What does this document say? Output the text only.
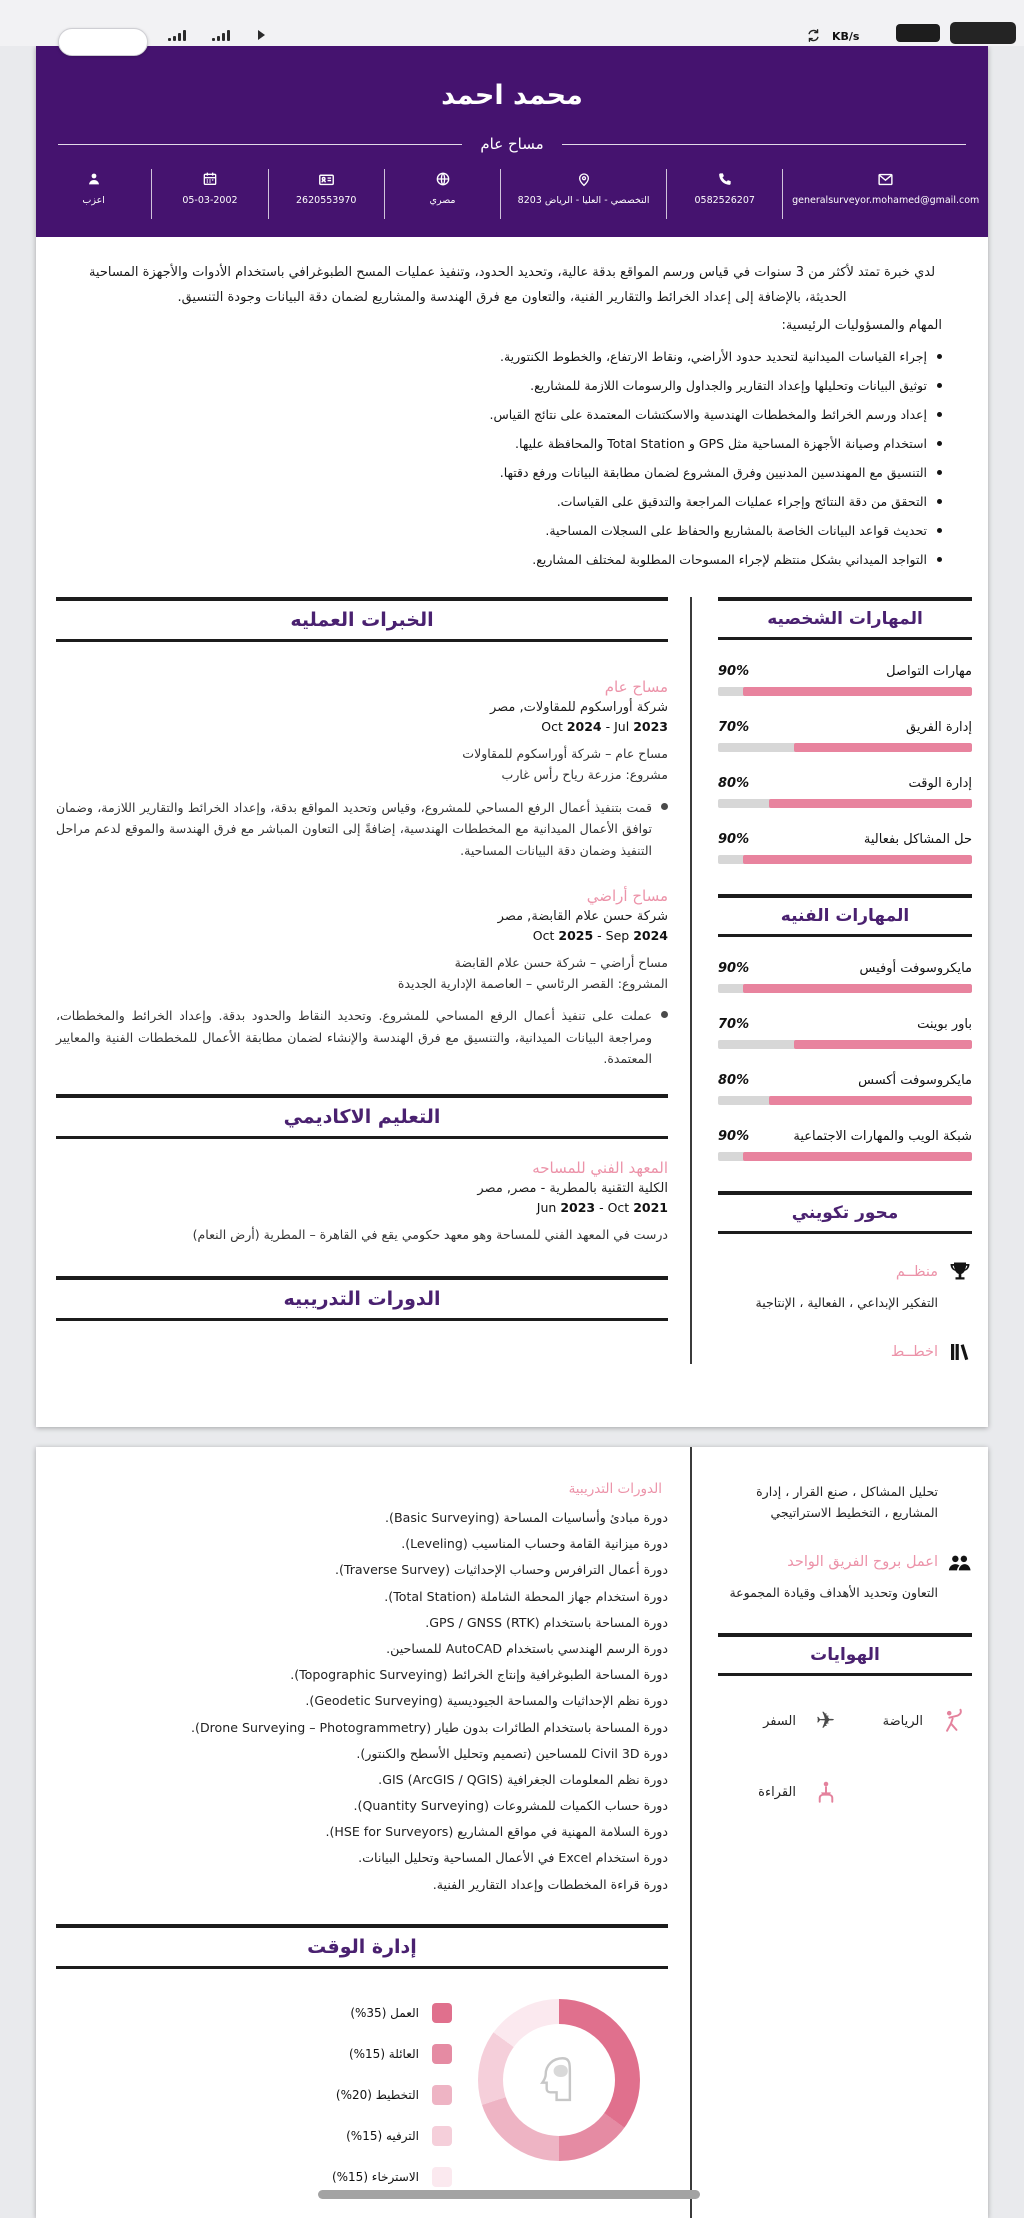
KB/s
محمد احمد
مساح عام
generalsurveyor.mohamed@gmail.com
0582526207
التخصصي - العليا - الرياض 8203
مصري
2620553970
05-03-2002
اعزب
لدي خبرة تمتد لأكثر من 3 سنوات في قياس ورسم المواقع بدقة عالية، وتحديد الحدود، وتنفيذ عمليات المسح الطبوغرافي باستخدام الأدوات والأجهزة المساحية الحديثة، بالإضافة إلى إعداد الخرائط والتقارير الفنية، والتعاون مع فرق الهندسة والمشاريع لضمان دقة البيانات وجودة التنسيق.
المهام والمسؤوليات الرئيسية:
إجراء القياسات الميدانية لتحديد حدود الأراضي، ونقاط الارتفاع، والخطوط الكنتورية.
توثيق البيانات وتحليلها وإعداد التقارير والجداول والرسومات اللازمة للمشاريع.
إعداد ورسم الخرائط والمخططات الهندسية والاسكتشات المعتمدة على نتائج القياس.
استخدام وصيانة الأجهزة المساحية مثل GPS و Total Station والمحافظة عليها.
التنسيق مع المهندسين المدنيين وفرق المشروع لضمان مطابقة البيانات ورفع دقتها.
التحقق من دقة النتائج وإجراء عمليات المراجعة والتدقيق على القياسات.
تحديث قواعد البيانات الخاصة بالمشاريع والحفاظ على السجلات المساحية.
التواجد الميداني بشكل منتظم لإجراء المسوحات المطلوبة لمختلف المشاريع.
الخبرات العمليه
مساح عام
شركة أوراسكوم للمقاولات, مصر
Oct 2024 - Jul 2023
مساح عام – شركة أوراسكوم للمقاولات
مشروع: مزرعة رياح رأس غارب
قمت بتنفيذ أعمال الرفع المساحي للمشروع، وقياس وتحديد المواقع بدقة، وإعداد الخرائط والتقارير اللازمة، وضمان توافق الأعمال الميدانية مع المخططات الهندسية، إضافةً إلى التعاون المباشر مع فرق الهندسة والموقع لدعم مراحل التنفيذ وضمان دقة البيانات المساحية.
مساح أراضي
شركة حسن علام القابضة, مصر
Oct 2025 - Sep 2024
مساح أراضي – شركة حسن علام القابضة
المشروع: القصر الرئاسي – العاصمة الإدارية الجديدة
عملت على تنفيذ أعمال الرفع المساحي للمشروع. وتحديد النقاط والحدود بدقة. وإعداد الخرائط والمخططات، ومراجعة البيانات الميدانية، والتنسيق مع فرق الهندسة والإنشاء لضمان مطابقة الأعمال للمخططات الفنية والمعايير المعتمدة.
التعليم الاكاديمي
المعهد الفني للمساحه
الكلية التقنية بالمطرية - مصر, مصر
Jun 2023 - Oct 2021
درست في المعهد الفني للمساحة وهو معهد حكومي يقع في القاهرة – المطرية (أرض النعام)
الدورات التدريبيه
المهارات الشخصيه
90%	مهارات التواصل
70%	إدارة الفريق
80%	إدارة الوقت
90%	حل المشاكل بفعالية
المهارات الفنيه
90%	مايكروسوفت أوفيس
70%	باور بوينت
80%	مايكروسوفت أكسس
90%	شبكة الويب والمهارات الاجتماعية
محور تكويني
منظــم
التفكير الإبداعي ، الفعالية ، الإنتاجية
اخطــط
الدورات التدريبية
دورة مبادئ وأساسيات المساحة (Basic Surveying).
دورة ميزانية القامة وحساب المناسيب (Leveling).
دورة أعمال الترافرس وحساب الإحداثيات (Traverse Survey).
دورة استخدام جهاز المحطة الشاملة (Total Station).
دورة المساحة باستخدام GPS / GNSS (RTK).
دورة الرسم الهندسي باستخدام AutoCAD للمساحين.
دورة المساحة الطبوغرافية وإنتاج الخرائط (Topographic Surveying).
دورة نظم الإحداثيات والمساحة الجيوديسية (Geodetic Surveying).
دورة المساحة باستخدام الطائرات بدون طيار (Drone Surveying – Photogrammetry).
دورة Civil 3D للمساحين (تصميم وتحليل الأسطح والكنتور).
دورة نظم المعلومات الجغرافية GIS (ArcGIS / QGIS).
دورة حساب الكميات للمشروعات (Quantity Surveying).
دورة السلامة المهنية في مواقع المشاريع (HSE for Surveyors).
دورة استخدام Excel في الأعمال المساحية وتحليل البيانات.
دورة قراءة المخططات وإعداد التقارير الفنية.
إدارة الوقت
العمل (35%)
العائلة (15%)
التخطيط (20%)
الترفيه (15%)
الاسترخاء (15%)
تحليل المشاكل ، صنع القرار ، إدارة المشاريع ، التخطيط الاستراتيجي
اعمل بروح الفريق الواحد
التعاون وتحديد الأهداف وقيادة المجموعة
الهوايات
✈
السفر	الرياضة
القراءة
